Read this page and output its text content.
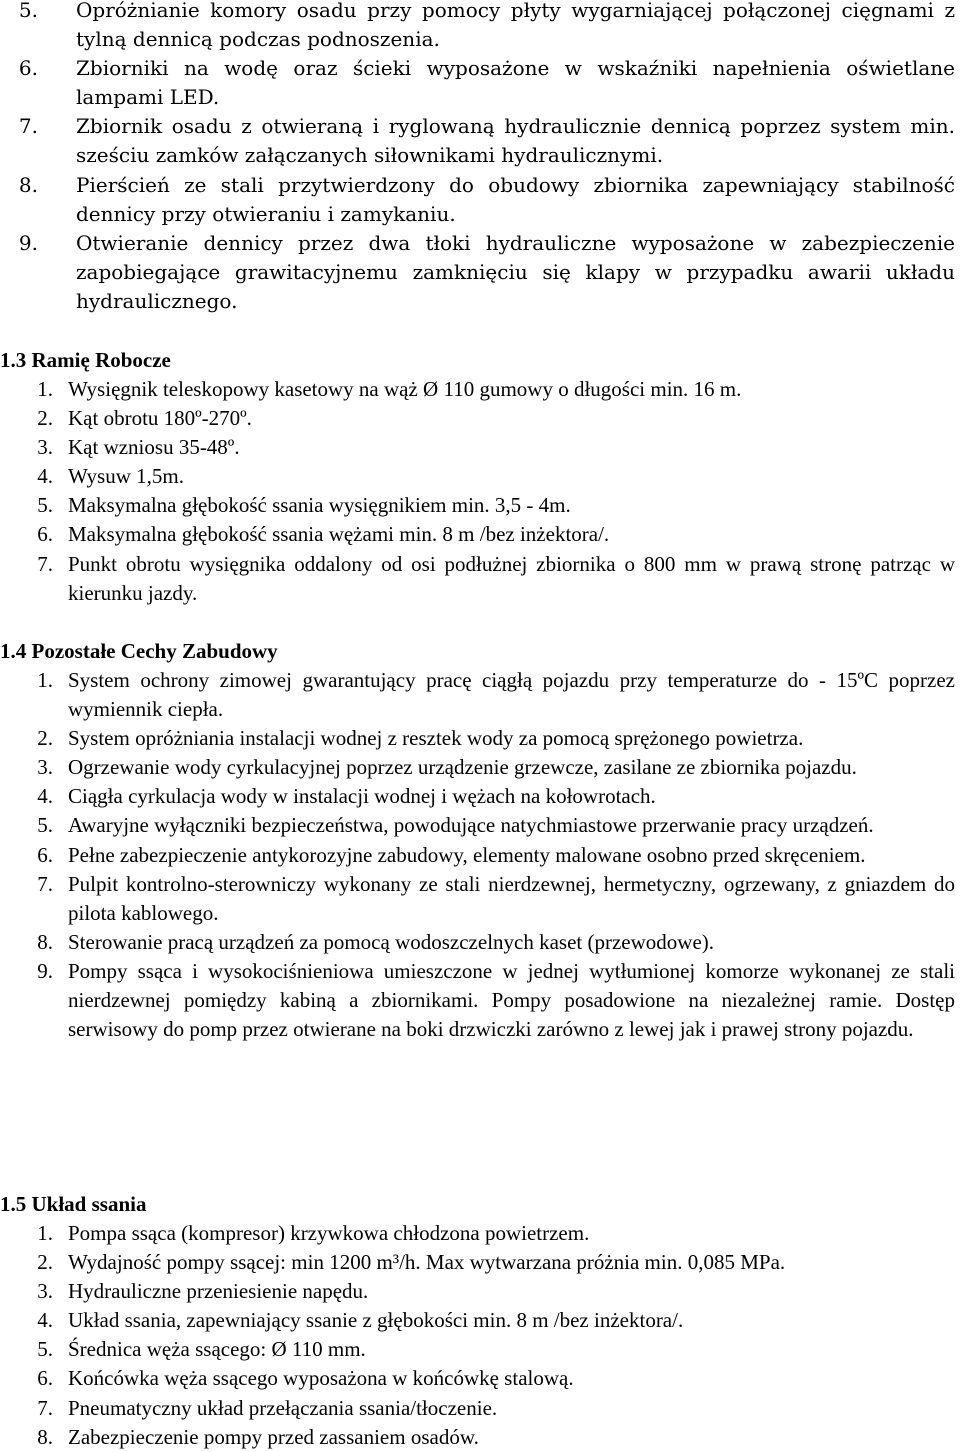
5. Opróżnianie komory osadu przy pomocy płyty wygarniającej połączonej cięgnami z tylną dennicą podczas podnoszenia.
6. Zbiorniki na wodę oraz ścieki wyposażone w wskaźniki napełnienia oświetlane lampami LED.
7. Zbiornik osadu z otwieraną i ryglowaną hydraulicznie dennicą poprzez system min. sześciu zamków załączanych siłownikami hydraulicznymi.
8. Pierścień ze stali przytwierdzony do obudowy zbiornika zapewniający stabilność dennicy przy otwieraniu i zamykaniu.
9. Otwieranie dennicy przez dwa tłoki hydrauliczne wyposażone w zabezpieczenie zapobiegające grawitacyjnemu zamknięciu się klapy w przypadku awarii układu hydraulicznego.
1.3 Ramię Robocze
1. Wysięgnik teleskopowy kasetowy na wąż Ø 110 gumowy o długości min. 16 m.
2. Kąt obrotu 180º-270º.
3. Kąt wzniosu 35-48º.
4. Wysuw 1,5m.
5. Maksymalna głębokość ssania wysięgnikiem min. 3,5 - 4m.
6. Maksymalna głębokość ssania wężami min. 8 m /bez inżektora/.
7. Punkt obrotu wysięgnika oddalony od osi podłużnej zbiornika o 800 mm w prawą stronę patrząc w kierunku jazdy.
1.4 Pozostałe Cechy Zabudowy
1. System ochrony zimowej gwarantujący pracę ciągłą pojazdu przy temperaturze do - 15ºC poprzez wymiennik ciepła.
2. System opróżniania instalacji wodnej z resztek wody za pomocą sprężonego powietrza.
3. Ogrzewanie wody cyrkulacyjnej poprzez urządzenie grzewcze, zasilane ze zbiornika pojazdu.
4. Ciągła cyrkulacja wody w instalacji wodnej i wężach na kołowrotach.
5. Awaryjne wyłączniki bezpieczeństwa, powodujące natychmiastowe przerwanie pracy urządzeń.
6. Pełne zabezpieczenie antykorozyjne zabudowy, elementy malowane osobno przed skręceniem.
7. Pulpit kontrolno-sterowniczy wykonany ze stali nierdzewnej, hermetyczny, ogrzewany, z gniazdem do pilota kablowego.
8. Sterowanie pracą urządzeń za pomocą wodoszczelnych kaset (przewodowe).
9. Pompy ssąca i wysokociśnieniowa umieszczone w jednej wytłumionej komorze wykonanej ze stali nierdzewnej pomiędzy kabiną a zbiornikami. Pompy posadowione na niezależnej ramie. Dostęp serwisowy do pomp przez otwierane na boki drzwiczki zarówno z lewej jak i prawej strony pojazdu.
1.5 Układ ssania
1. Pompa ssąca (kompresor) krzywkowa chłodzona powietrzem.
2. Wydajność pompy ssącej: min 1200 m³/h. Max wytwarzana próżnia min. 0,085 MPa.
3. Hydrauliczne przeniesienie napędu.
4. Układ ssania, zapewniający ssanie z głębokości min. 8 m /bez inżektora/.
5. Średnica węża ssącego: Ø 110 mm.
6. Końcówka węża ssącego wyposażona w końcówkę stalową.
7. Pneumatyczny układ przełączania ssania/tłoczenie.
8. Zabezpieczenie pompy przed zassaniem osadów.
